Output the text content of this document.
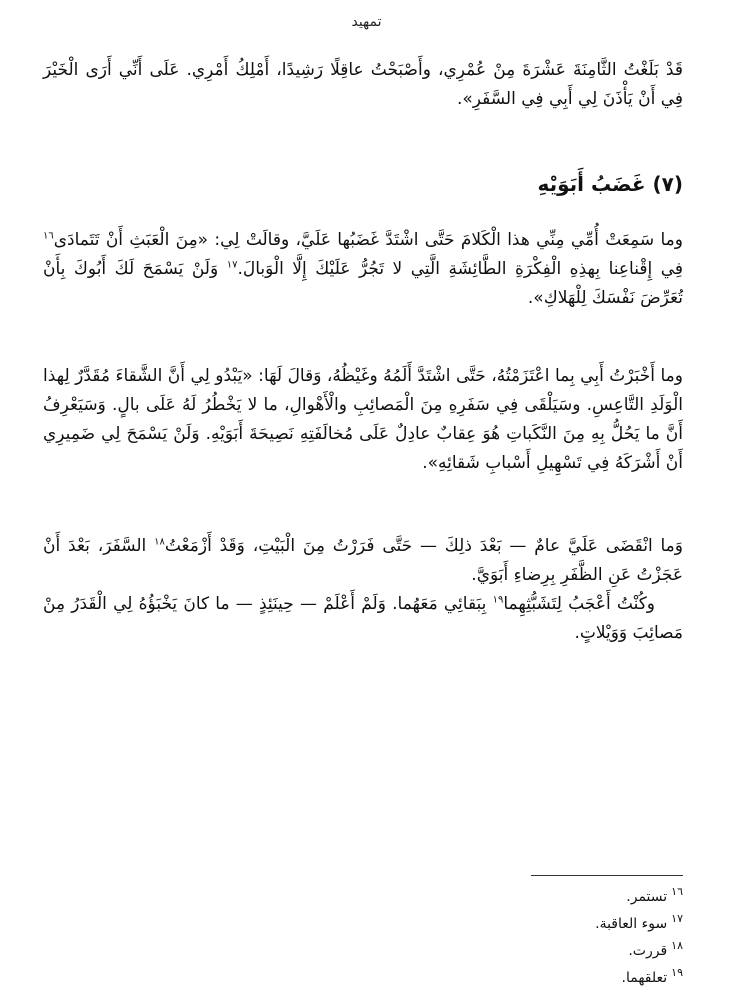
تمهيد

قَدْ بَلَغْتُ الثَّامِنَةَ عَشْرَةَ مِنْ عُمْرِي، وأَصْبَحْتُ عاقِلًا رَشِيدًا، أَمْلِكُ أَمْرِي. عَلَى أَنِّي أَرَى الْخَيْرَ فِي أَنْ يَأْذَنَ لِي أَبِي فِي السَّفَرِ».

(٧) غَضَبُ أَبَوَيْهِ

وما سَمِعَتْ أُمِّي مِنِّي هذا الْكَلامَ حَتَّى اشْتَدَّ غَضَبُها عَلَيَّ، وقالَتْ لِي: «مِنَ الْعَبَثِ أَنْ تَتَمادَى$^{١٦}$ فِي إِقْناعِنا بِهذِهِ الْفِكْرَةِ الطَّائِشَةِ الَّتِي لا تَجُرُّ عَلَيْكَ إِلَّا الْوَبالَ.$^{١٧}$ وَلَنْ يَسْمَحَ لَكَ أَبُوكَ بِأَنْ تُعَرِّضَ نَفْسَكَ لِلْهَلاكِ».

وما أَخْبَرْتُ أَبِي بِما اعْتَزَمْتُهُ، حَتَّى اشْتَدَّ أَلَمُهُ وغَيْظُهُ، وَقالَ لَهَا: «يَبْدُو لِي أَنَّ الشَّقاءَ مُقَدَّرٌ لِهذا الْوَلَدِ التَّاعِسِ. وسَيَلْقَى فِي سَفَرِهِ مِنَ الْمَصائِبِ والْأَهْوالِ، ما لا يَخْطُرُ لَهُ عَلَى بالٍ. وَسَيَعْرِفُ أَنَّ ما يَحُلُّ بِهِ مِنَ النَّكَباتِ هُوَ عِقابٌ عادِلٌ عَلَى مُخالَفَتِهِ نَصِيحَةَ أَبَوَيْهِ. وَلَنْ يَسْمَحَ لِي ضَمِيرِي أَنْ أَشْرَكَهُ فِي تَسْهِيلِ أَسْبابِ شَقائِهِ».

وَما انْقَضَى عَلَيَّ عامٌ — بَعْدَ ذلِكَ — حَتَّى فَرَرْتُ مِنَ الْبَيْتِ، وَقَدْ أَزْمَعْتُ$^{١٨}$ السَّفَرَ، بَعْدَ أَنْ عَجَزْتُ عَنِ الظَّفَرِ بِرِضاءِ أَبَوَيَّ.

وكُنْتُ أَعْجَبُ لِتَشَبُّثِهِما$^{١٩}$ بِبَقائِي مَعَهُما. وَلَمْ أَعْلَمْ — حِينَئِذٍ — ما كانَ يَخْبَؤُهُ لِي الْقَدَرُ مِنْ مَصائِبَ وَوَيْلاتٍ.

$^{١٦}$تستمر.

$^{١٧}$سوء العاقبة.

$^{١٨}$قررت.

$^{١٩}$تعلقهما.
